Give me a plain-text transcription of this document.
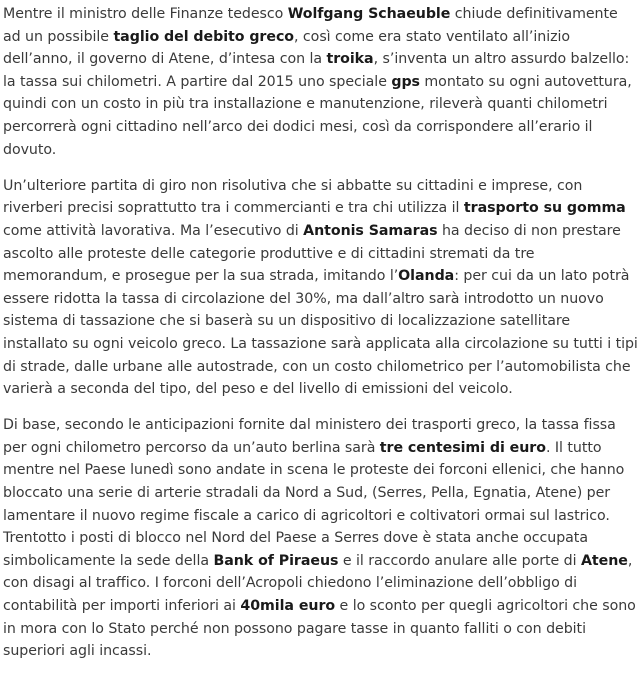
Mentre il ministro delle Finanze tedesco Wolfgang Schaeuble chiude definitivamente ad un possibile taglio del debito greco, così come era stato ventilato all’inizio dell’anno, il governo di Atene, d’intesa con la troika, s’inventa un altro assurdo balzello: la tassa sui chilometri. A partire dal 2015 uno speciale gps montato su ogni autovettura, quindi con un costo in più tra installazione e manutenzione, rileverà quanti chilometri percorrerà ogni cittadino nell’arco dei dodici mesi, così da corrispondere all’erario il dovuto.

Un’ulteriore partita di giro non risolutiva che si abbatte su cittadini e imprese, con riverberi precisi soprattutto tra i commercianti e tra chi utilizza il trasporto su gomma come attività lavorativa. Ma l’esecutivo di Antonis Samaras ha deciso di non prestare ascolto alle proteste delle categorie produttive e di cittadini stremati da tre memorandum, e prosegue per la sua strada, imitando l’Olanda: per cui da un lato potrà essere ridotta la tassa di circolazione del 30%, ma dall’altro sarà introdotto un nuovo sistema di tassazione che si baserà su un dispositivo di localizzazione satellitare installato su ogni veicolo greco. La tassazione sarà applicata alla circolazione su tutti i tipi di strade, dalle urbane alle autostrade, con un costo chilometrico per l’automobilista che varierà a seconda del tipo, del peso e del livello di emissioni del veicolo.

Di base, secondo le anticipazioni fornite dal ministero dei trasporti greco, la tassa fissa per ogni chilometro percorso da un’auto berlina sarà tre centesimi di euro. Il tutto mentre nel Paese lunedì sono andate in scena le proteste dei forconi ellenici, che hanno bloccato una serie di arterie stradali da Nord a Sud, (Serres, Pella, Egnatia, Atene) per lamentare il nuovo regime fiscale a carico di agricoltori e coltivatori ormai sul lastrico. Trentotto i posti di blocco nel Nord del Paese a Serres dove è stata anche occupata simbolicamente la sede della Bank of Piraeus e il raccordo anulare alle porte di Atene, con disagi al traffico. I forconi dell’Acropoli chiedono l’eliminazione dell’obbligo di contabilità per importi inferiori ai 40mila euro e lo sconto per quegli agricoltori che sono in mora con lo Stato perché non possono pagare tasse in quanto falliti o con debiti superiori agli incassi.
